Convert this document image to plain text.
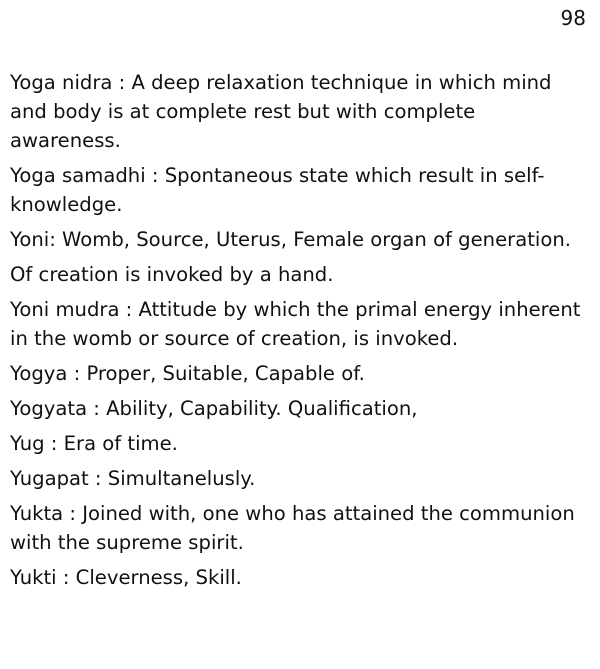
98

Yoga nidra : A deep relaxation technique in which mind and body is at complete rest but with complete awareness.

Yoga samadhi : Spontaneous state which result in self-knowledge.

Yoni: Womb, Source, Uterus, Female organ of generation.

Of creation is invoked by a hand.

Yoni mudra : Attitude by which the primal energy inherent in the womb or source of creation, is invoked.

Yogya : Proper, Suitable, Capable of.

Yogyata : Ability, Capability. Qualification,

Yug : Era of time.

Yugapat : Simultanelusly.

Yukta : Joined with, one who has attained the communion with the supreme spirit.

Yukti : Cleverness, Skill.
